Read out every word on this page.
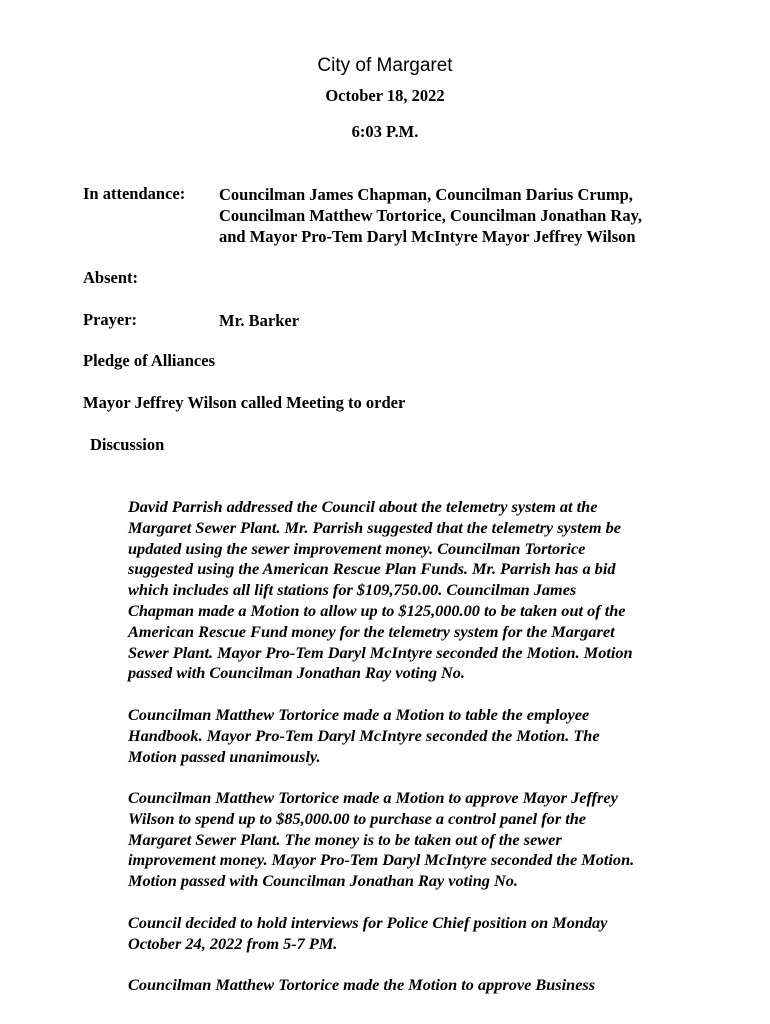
City of Margaret
October 18, 2022
6:03 P.M.
In attendance: Councilman James Chapman, Councilman Darius Crump,
Councilman Matthew Tortorice, Councilman Jonathan Ray,
and Mayor Pro-Tem Daryl McIntyre Mayor Jeffrey Wilson
Absent:
Prayer:	Mr. Barker
Pledge of Alliances
Mayor Jeffrey Wilson called Meeting to order
Discussion
David Parrish addressed the Council about the telemetry system at the
Margaret Sewer Plant. Mr. Parrish suggested that the telemetry system be
updated using the sewer improvement money. Councilman Tortorice
suggested using the American Rescue Plan Funds. Mr. Parrish has a bid
which includes all lift stations for $109,750.00. Councilman James
Chapman made a Motion to allow up to $125,000.00 to be taken out of the
American Rescue Fund money for the telemetry system for the Margaret
Sewer Plant. Mayor Pro-Tem Daryl McIntyre seconded the Motion. Motion
passed with Councilman Jonathan Ray voting No.
Councilman Matthew Tortorice made a Motion to table the employee
Handbook. Mayor Pro-Tem Daryl McIntyre seconded the Motion. The
Motion passed unanimously.
Councilman Matthew Tortorice made a Motion to approve Mayor Jeffrey
Wilson to spend up to $85,000.00 to purchase a control panel for the
Margaret Sewer Plant. The money is to be taken out of the sewer
improvement money. Mayor Pro-Tem Daryl McIntyre seconded the Motion.
Motion passed with Councilman Jonathan Ray voting No.
Council decided to hold interviews for Police Chief position on Monday
October 24, 2022 from 5-7 PM.
Councilman Matthew Tortorice made the Motion to approve Business
